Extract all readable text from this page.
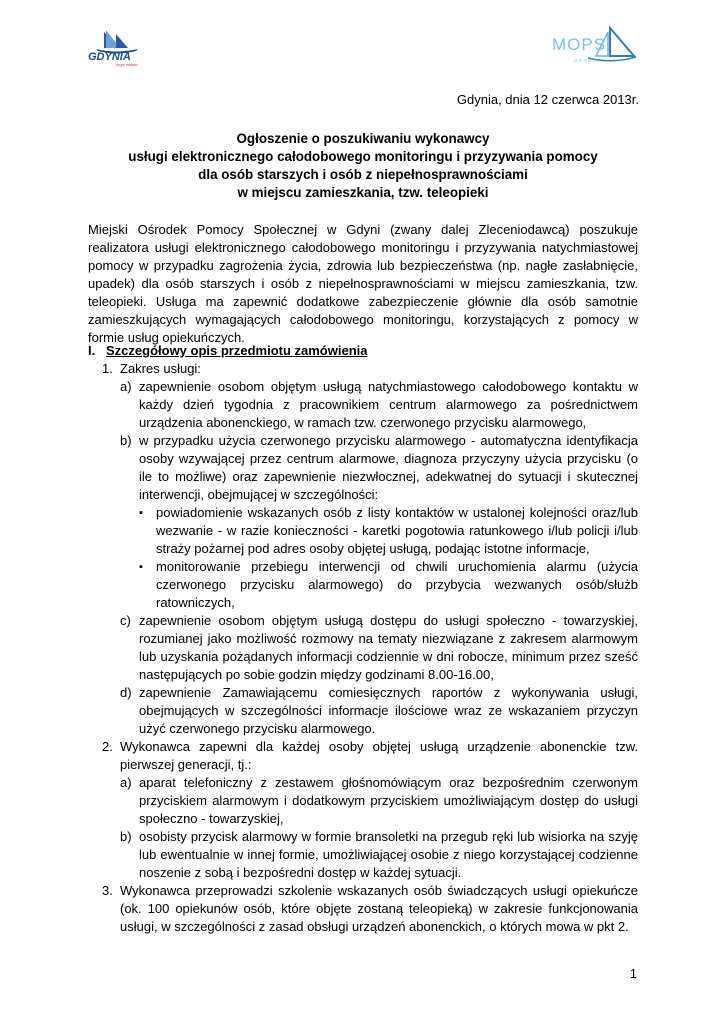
GDYNIA
moje miasto
MOPS
GDYNIA
Gdynia, dnia 12 czerwca 2013r.
Ogłoszenie o poszukiwaniu wykonawcy
usługi elektronicznego całodobowego monitoringu i przyzywania pomocy
dla osób starszych i osób z niepełnosprawnościami
w miejscu zamieszkania, tzw. teleopieki
Miejski Ośrodek Pomocy Społecznej w Gdyni (zwany dalej Zleceniodawcą) poszukuje realizatora usługi elektronicznego całodobowego monitoringu i przyzywania natychmiastowej pomocy w przypadku zagrożenia życia, zdrowia lub bezpieczeństwa (np. nagłe zasłabnięcie, upadek) dla osób starszych i osób z niepełnosprawnościami w miejscu zamieszkania, tzw. teleopieki. Usługa ma zapewnić dodatkowe zabezpieczenie głównie dla osób samotnie zamieszkujących wymagających całodobowego monitoringu, korzystających z pomocy w formie usług opiekuńczych.
I. Szczegółowy opis przedmiotu zamówienia
1. Zakres usługi:
a) zapewnienie osobom objętym usługą natychmiastowego całodobowego kontaktu w każdy dzień tygodnia z pracownikiem centrum alarmowego za pośrednictwem urządzenia abonenckiego, w ramach tzw. czerwonego przycisku alarmowego,
b) w przypadku użycia czerwonego przycisku alarmowego - automatyczna identyfikacja osoby wzywającej przez centrum alarmowe, diagnoza przyczyny użycia przycisku (o ile to możliwe) oraz zapewnienie niezwłocznej, adekwatnej do sytuacji i skutecznej interwencji, obejmującej w szczególności:
▪ powiadomienie wskazanych osób z listy kontaktów w ustalonej kolejności oraz/lub wezwanie - w razie konieczności - karetki pogotowia ratunkowego i/lub policji i/lub straży pożarnej pod adres osoby objętej usługą, podając istotne informacje,
▪ monitorowanie przebiegu interwencji od chwili uruchomienia alarmu (użycia czerwonego przycisku alarmowego) do przybycia wezwanych osób/służb ratowniczych,
c) zapewnienie osobom objętym usługą dostępu do usługi społeczno - towarzyskiej, rozumianej jako możliwość rozmowy na tematy niezwiązane z zakresem alarmowym lub uzyskania pożądanych informacji codziennie w dni robocze, minimum przez sześć następujących po sobie godzin między godzinami 8.00-16.00,
d) zapewnienie Zamawiającemu comiesięcznych raportów z wykonywania usługi, obejmujących w szczególności informacje ilościowe wraz ze wskazaniem przyczyn użyć czerwonego przycisku alarmowego.
2. Wykonawca zapewni dla każdej osoby objętej usługą urządzenie abonenckie tzw. pierwszej generacji, tj.:
a) aparat telefoniczny z zestawem głośnomówiącym oraz bezpośrednim czerwonym przyciskiem alarmowym i dodatkowym przyciskiem umożliwiającym dostęp do usługi społeczno - towarzyskiej,
b) osobisty przycisk alarmowy w formie bransoletki na przegub ręki lub wisiorka na szyję lub ewentualnie w innej formie, umożliwiającej osobie z niego korzystającej codzienne noszenie z sobą i bezpośredni dostęp w każdej sytuacji.
3. Wykonawca przeprowadzi szkolenie wskazanych osób świadczących usługi opiekuńcze (ok. 100 opiekunów osób, które objęte zostaną teleopieką) w zakresie funkcjonowania usługi, w szczególności z zasad obsługi urządzeń abonenckich, o których mowa w pkt 2.
1
